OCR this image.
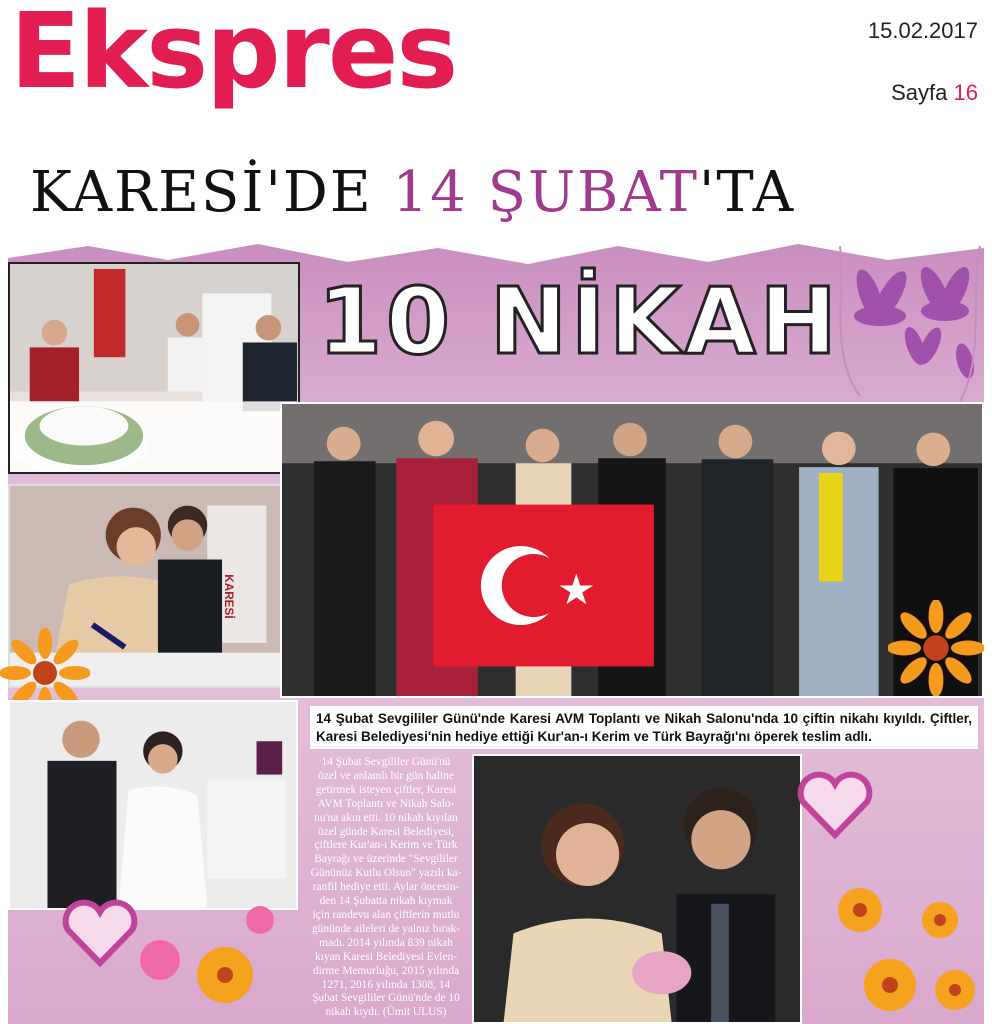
Ekspres	15.02.2017
Sayfa 16
KARESİ'DE 14 ŞUBAT'TA
10 NİKAH
KARESİ
14 Şubat Sevgililer Günü'nde Karesi AVM Toplantı ve Nikah Salonu'nda 10 çiftin nikahı kıyıldı. Çiftler, Karesi Belediyesi'nin hediye ettiği Kur'an-ı Kerim ve Türk Bayrağı'nı öperek teslim adlı.
14 Şubat Sevgililer Günü'nü
özel ve anlamlı bir gün haline
getirmek isteyen çiftler, Karesi
AVM Toplantı ve Nikah Salo-
nu'na akın etti. 10 nikah kıyılan
özel günde Karesi Belediyesi,
çiftlere Kur'an-ı Kerim ve Türk
Bayrağı ve üzerinde "Sevgililer
Gününüz Kutlu Olsun" yazılı ka-
ranfil hediye etti. Aylar öncesin-
den 14 Şubatta nikah kıymak
için randevu alan çiftlerin mutlu
gününde aileleri de yalnız bırak-
madı. 2014 yılında 839 nikah
kıyan Karesi Belediyesi Evlen-
dirme Memurluğu, 2015 yılında
1271, 2016 yılında 1308, 14
Şubat Sevgililer Günü'nde de 10
nikah kıydı. (Ümit ULUS)
